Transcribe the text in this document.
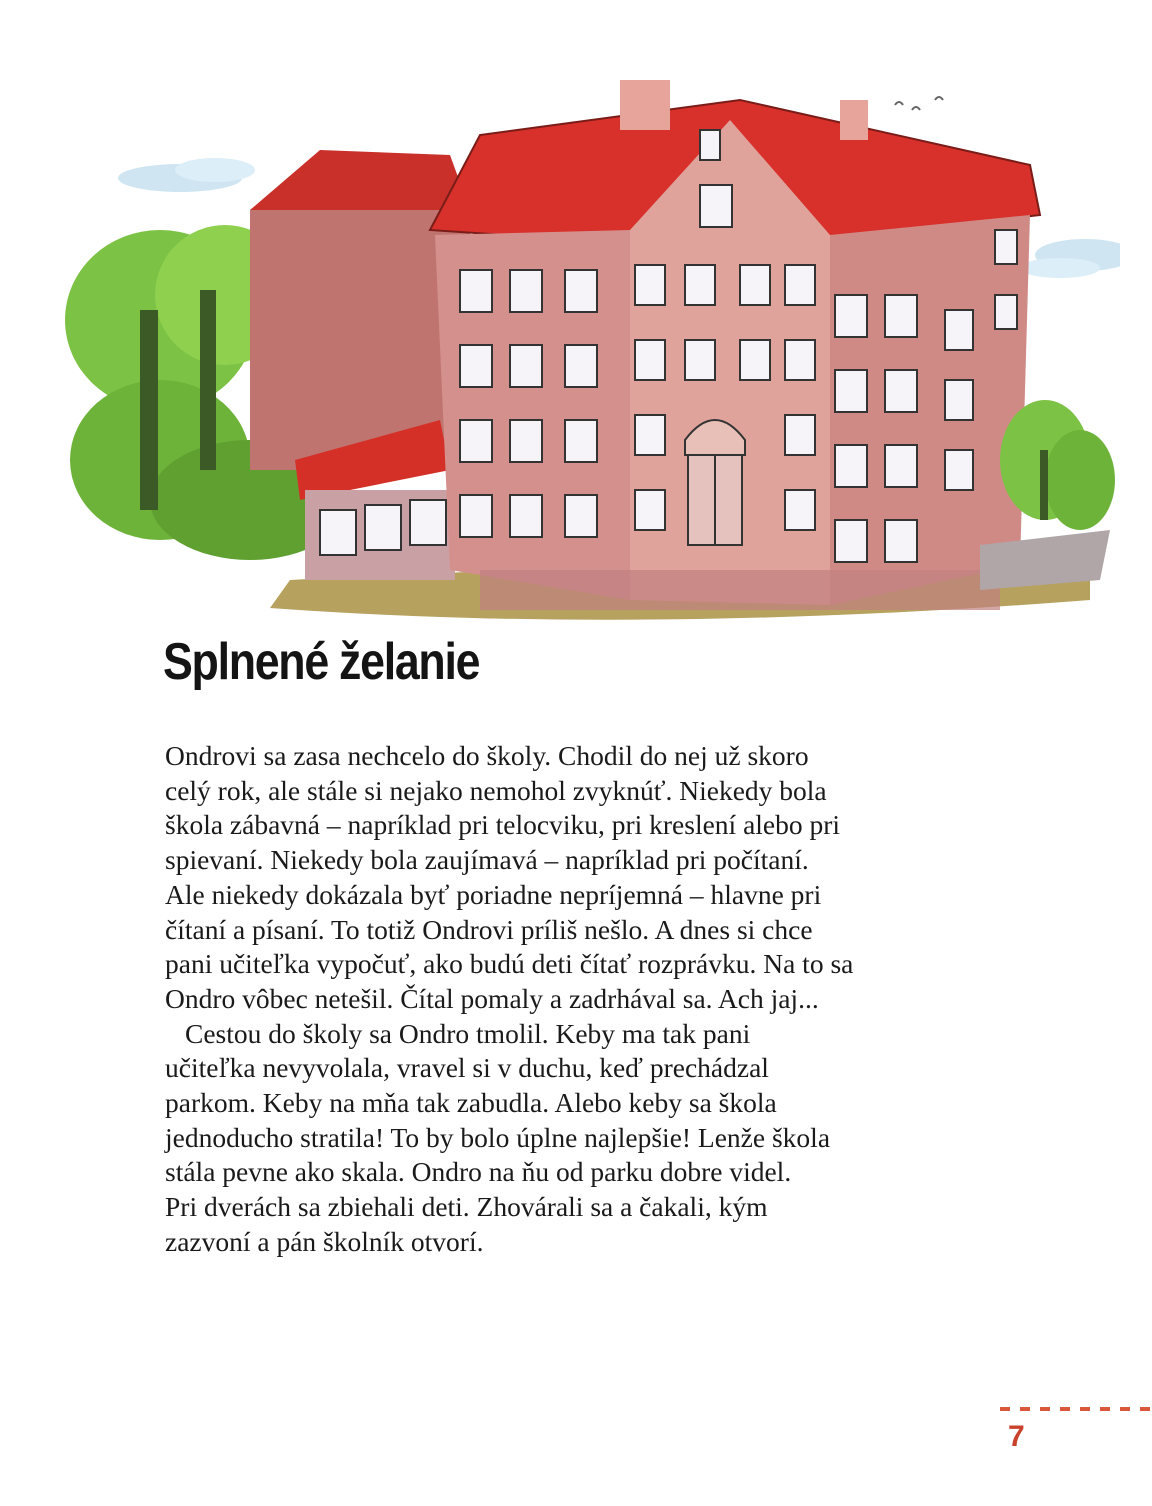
Splnené želanie
Ondrovi sa zasa nechcelo do školy. Chodil do nej už skoro
celý rok, ale stále si nejako nemohol zvyknúť. Niekedy bola
škola zábavná – napríklad pri telocviku, pri kreslení alebo pri
spievaní. Niekedy bola zaujímavá – napríklad pri počítaní.
Ale niekedy dokázala byť poriadne nepríjemná – hlavne pri
čítaní a písaní. To totiž Ondrovi príliš nešlo. A dnes si chce
pani učiteľka vypočuť, ako budú deti čítať rozprávku. Na to sa
Ondro vôbec netešil. Čítal pomaly a zadrhával sa. Ach jaj...
Cestou do školy sa Ondro tmolil. Keby ma tak pani
učiteľka nevyvolala, vravel si v duchu, keď prechádzal
parkom. Keby na mňa tak zabudla. Alebo keby sa škola
jednoducho stratila! To by bolo úplne najlepšie! Lenže škola
stála pevne ako skala. Ondro na ňu od parku dobre videl.
Pri dverách sa zbiehali deti. Zhovárali sa a čakali, kým
zazvoní a pán školník otvorí.
7
